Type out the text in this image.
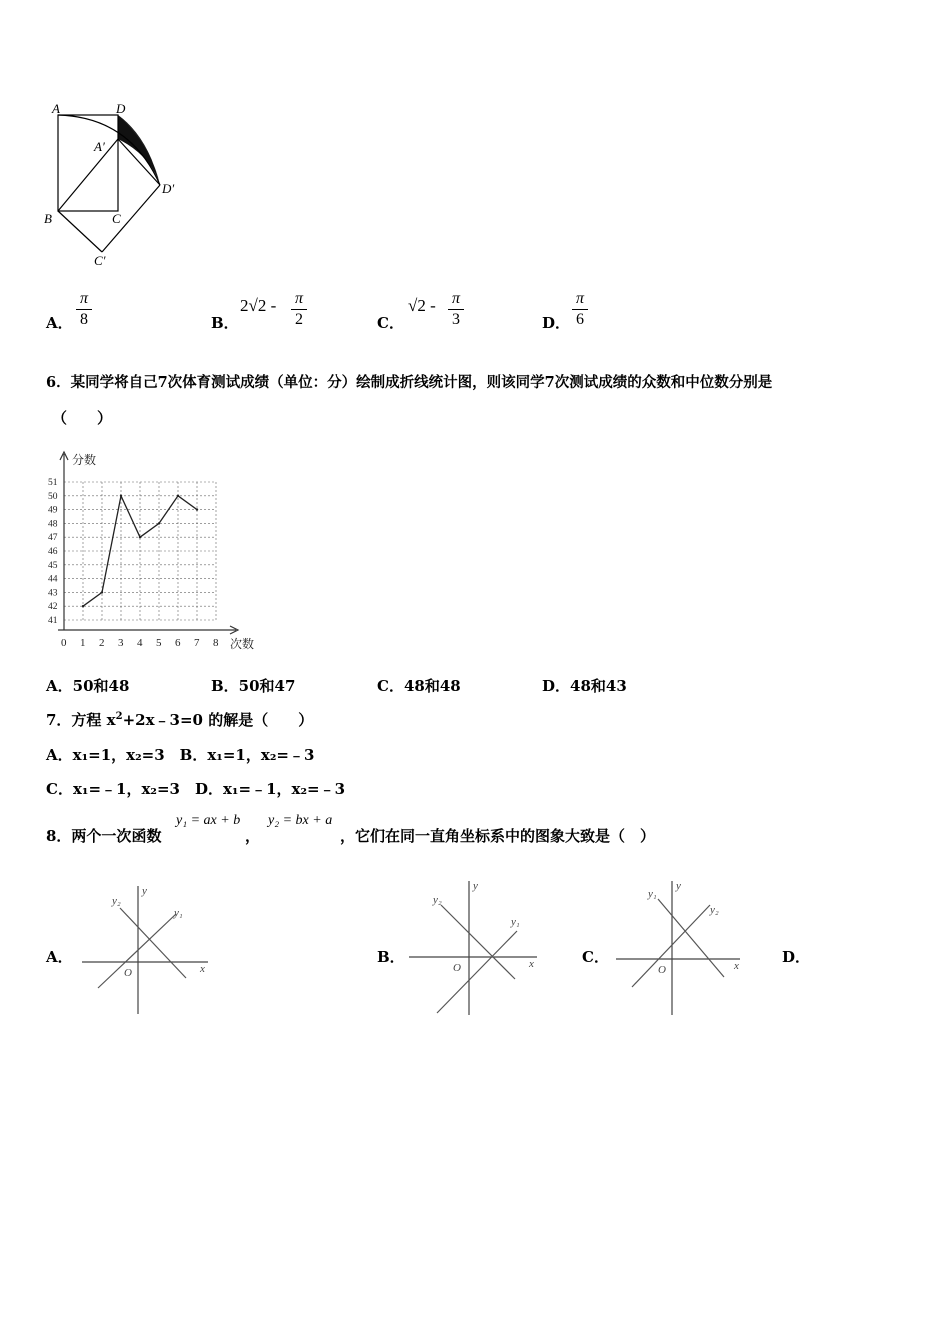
A	D
A′
D′
B	C
C′
A．
π
8	B．
2√2 - π
2	C．
√2 - π
3	D．
π
6
6．某同学将自己7次体育测试成绩（单位：分）绘制成折线统计图，则该同学7次测试成绩的众数和中位数分别是
（　　）
41
42
43
44
45
46
47
48
49
50
51
0 1 2 3 4 5 6 7 8
分数
次数
A．50和48	B．50和47	C．48和48	D．48和43
7．方程 $x^2+2x﹣3=0$ 的解是（　　）
A．x₁=1，x₂=3　B．x₁=1，x₂=﹣3
C．x₁=﹣1，x₂=3　D．x₁=﹣1，x₂=﹣3
8．两个一次函数
y₁ = ax + b
，
y₂ = bx + a
，它们在同一直角坐标系中的图象大致是（　）
A．
x
y
O
y₂
y₁
B．	x
y
O
y₂
y₁
C．	x
y
O
y₁
y₂
D．
